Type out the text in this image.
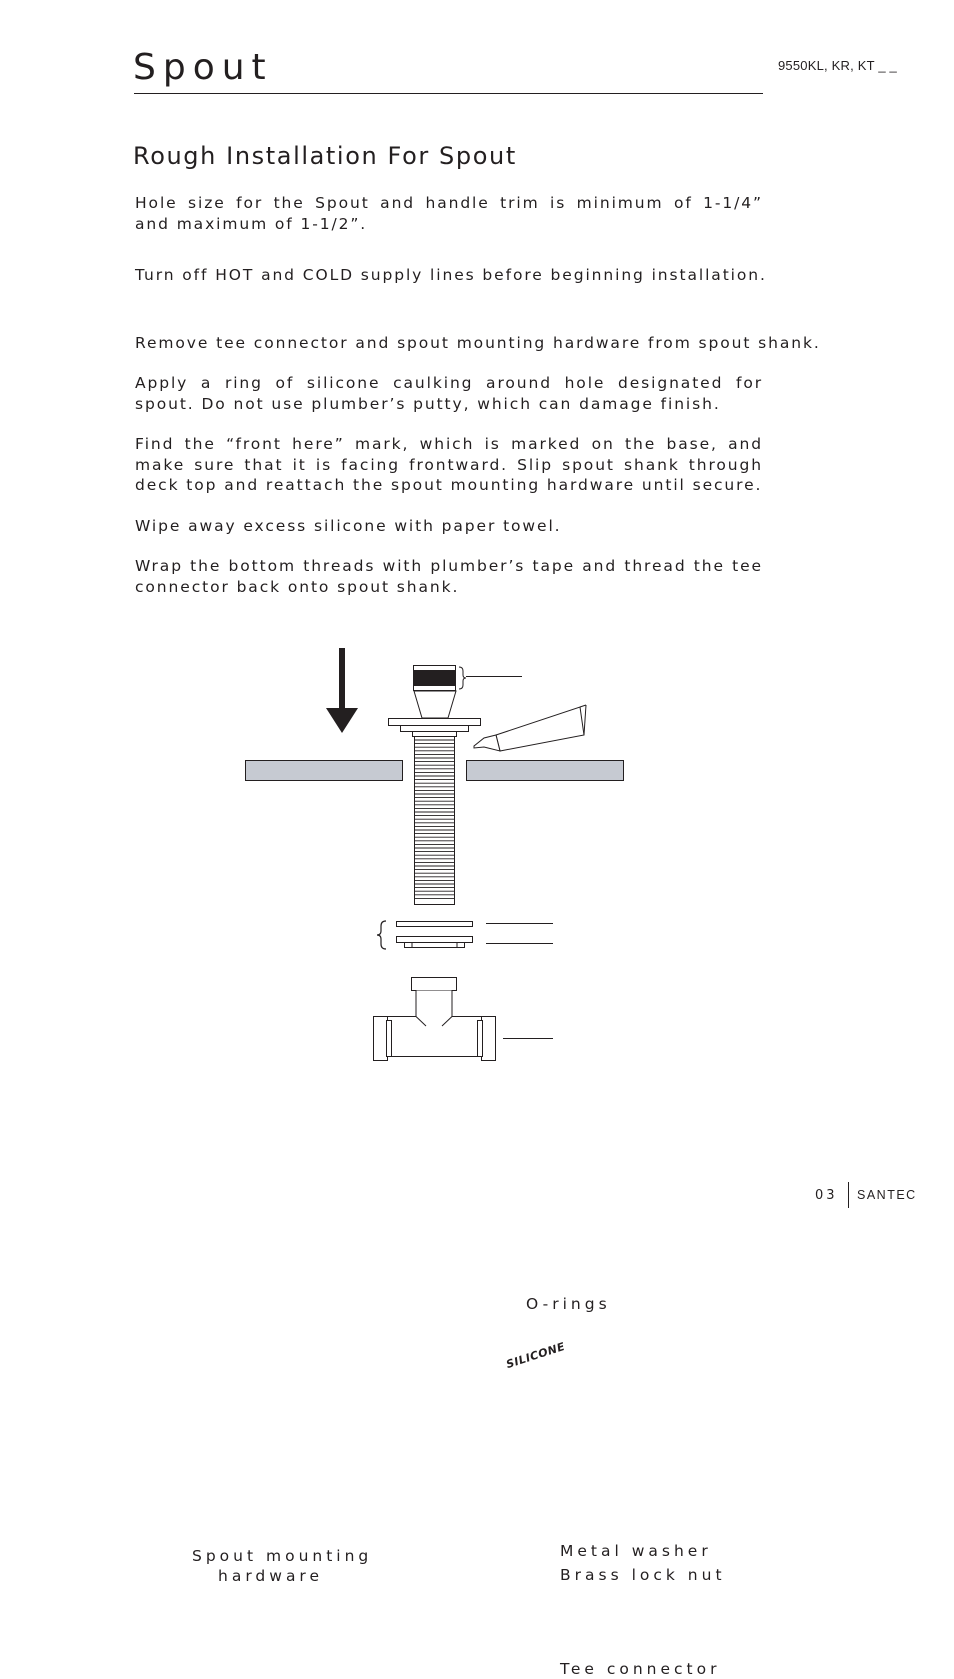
Spout	9550KL, KR, KT _ _
Rough Installation For Spout

Hole size for the Spout and handle trim is minimum of 1-1/4” and maximum of 1-1/2”.

Turn off HOT and COLD supply lines before beginning installation.

Remove tee connector and spout mounting hardware from spout shank.

Apply a ring of silicone caulking around hole designated for spout. Do not use plumber’s putty, which can damage finish.

Find the “front here” mark, which is marked on the base, and make sure that it is facing frontward. Slip spout shank through deck top and reattach the spout mounting hardware until secure.

Wipe away excess silicone with paper towel.

Wrap the bottom threads with plumber’s tape and thread the tee connector back onto spout shank.

SILICONE
O-rings
Spout mounting
hardware
Metal washer
Brass lock nut
Tee connector
03 SANTEC
